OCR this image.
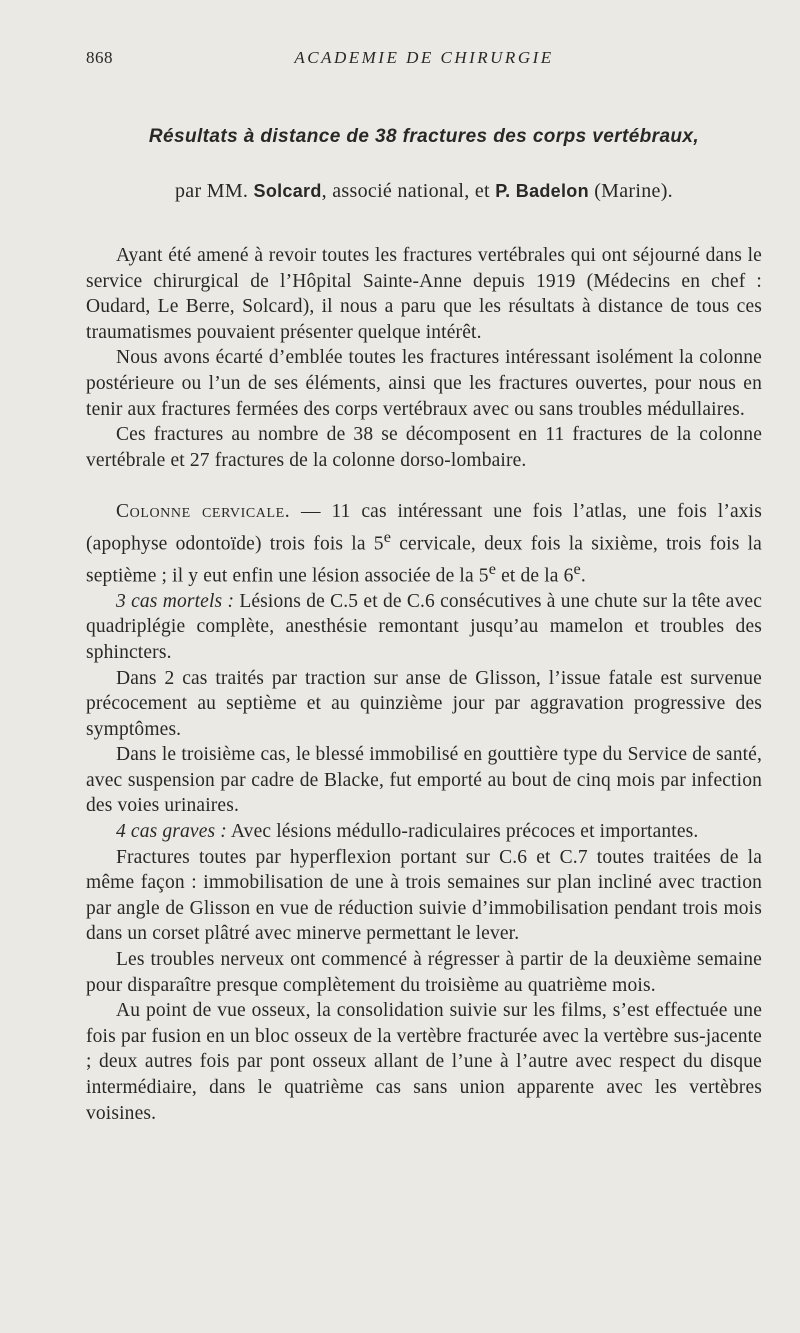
868	ACADEMIE DE CHIRURGIE
Résultats à distance de 38 fractures des corps vertébraux,
par MM. Solcard, associé national, et P. Badelon (Marine).

Ayant été amené à revoir toutes les fractures vertébrales qui ont séjourné dans le service chirurgical de l’Hôpital Sainte-Anne depuis 1919 (Médecins en chef : Oudard, Le Berre, Solcard), il nous a paru que les résultats à distance de tous ces traumatismes pouvaient présenter quelque intérêt.

Nous avons écarté d’emblée toutes les fractures intéressant isolément la colonne postérieure ou l’un de ses éléments, ainsi que les fractures ouvertes, pour nous en tenir aux fractures fermées des corps vertébraux avec ou sans troubles médullaires.

Ces fractures au nombre de 38 se décomposent en 11 fractures de la colonne vertébrale et 27 fractures de la colonne dorso-lombaire.

Colonne cervicale. — 11 cas intéressant une fois l’atlas, une fois l’axis (apophyse odontoïde) trois fois la 5e cervicale, deux fois la sixième, trois fois la septième ; il y eut enfin une lésion associée de la 5e et de la 6e.

3 cas mortels : Lésions de C.5 et de C.6 consécutives à une chute sur la tête avec quadriplégie complète, anesthésie remontant jusqu’au mamelon et troubles des sphincters.

Dans 2 cas traités par traction sur anse de Glisson, l’issue fatale est survenue précocement au septième et au quinzième jour par aggravation progressive des symptômes.

Dans le troisième cas, le blessé immobilisé en gouttière type du Service de santé, avec suspension par cadre de Blacke, fut emporté au bout de cinq mois par infection des voies urinaires.

4 cas graves : Avec lésions médullo-radiculaires précoces et importantes.

Fractures toutes par hyperflexion portant sur C.6 et C.7 toutes traitées de la même façon : immobilisation de une à trois semaines sur plan incliné avec traction par angle de Glisson en vue de réduction suivie d’immobilisation pendant trois mois dans un corset plâtré avec minerve permettant le lever.

Les troubles nerveux ont commencé à régresser à partir de la deuxième semaine pour disparaître presque complètement du troisième au quatrième mois.

Au point de vue osseux, la consolidation suivie sur les films, s’est effectuée une fois par fusion en un bloc osseux de la vertèbre fracturée avec la vertèbre sus-jacente ; deux autres fois par pont osseux allant de l’une à l’autre avec respect du disque intermédiaire, dans le quatrième cas sans union apparente avec les vertèbres voisines.
